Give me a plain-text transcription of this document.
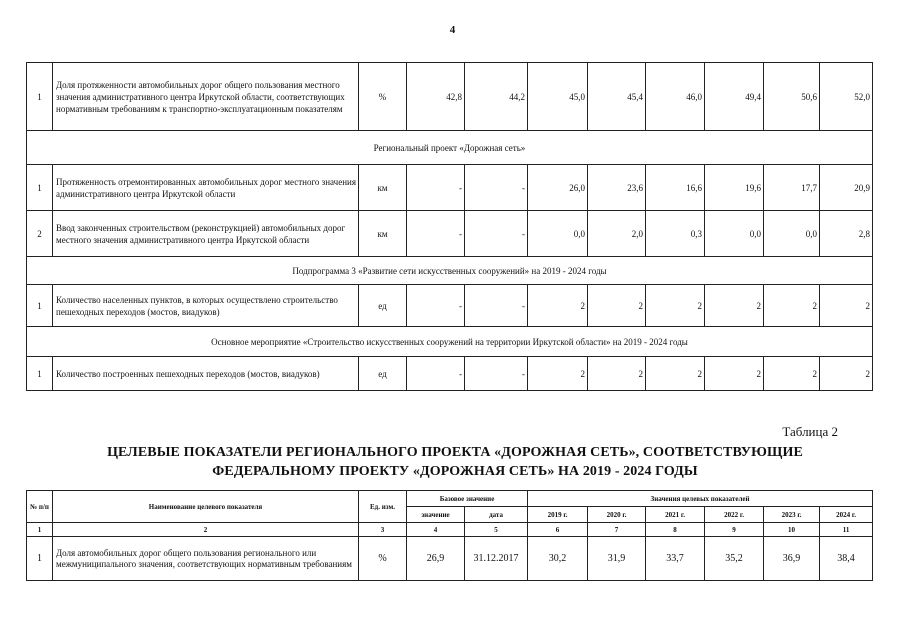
4
1	Доля протяженности автомобильных дорог общего пользования местного значения административного центра Иркутской области, соответствующих нормативным требованиям к транспортно-эксплуатационным показателям	%	42,8	44,2	45,0	45,4	46,0	49,4	50,6	52,0
Региональный проект «Дорожная сеть»										
1	Протяженность отремонтированных автомобильных дорог местного значения административного центра Иркутской области	км	-	-	26,0	23,6	16,6	19,6	17,7	20,9
2	Ввод законченных строительством (реконструкцией) автомобильных дорог местного значения административного центра Иркутской области	км	-	-	0,0	2,0	0,3	0,0	0,0	2,8
Подпрограмма 3 «Развитие сети искусственных сооружений» на 2019 - 2024 годы										
1	Количество населенных пунктов, в которых осуществлено строительство пешеходных переходов (мостов, виадуков)	ед	-	-	2	2	2	2	2	2
Основное мероприятие «Строительство искусственных сооружений на территории Иркутской области» на 2019 - 2024 годы										
1	Количество построенных пешеходных переходов (мостов, виадуков)	ед	-	-	2	2	2	2	2	2
Таблица 2
ЦЕЛЕВЫЕ ПОКАЗАТЕЛИ РЕГИОНАЛЬНОГО ПРОЕКТА «ДОРОЖНАЯ СЕТЬ», СООТВЕТСТВУЮЩИЕ
ФЕДЕРАЛЬНОМУ ПРОЕКТУ «ДОРОЖНАЯ СЕТЬ» НА 2019 - 2024 ГОДЫ
№ п/п	Наименование целевого показателя	Ед. изм.	Базовое значение		Значения целевых показателей					
			значение	дата	2019 г.	2020 г.	2021 г.	2022 г.	2023 г.	2024 г.
1	2	3	4	5	6	7	8	9	10	11
1	Доля автомобильных дорог общего пользования регионального или межмуниципального значения, соответствующих нормативным требованиям	%	26,9	31.12.2017	30,2	31,9	33,7	35,2	36,9	38,4
